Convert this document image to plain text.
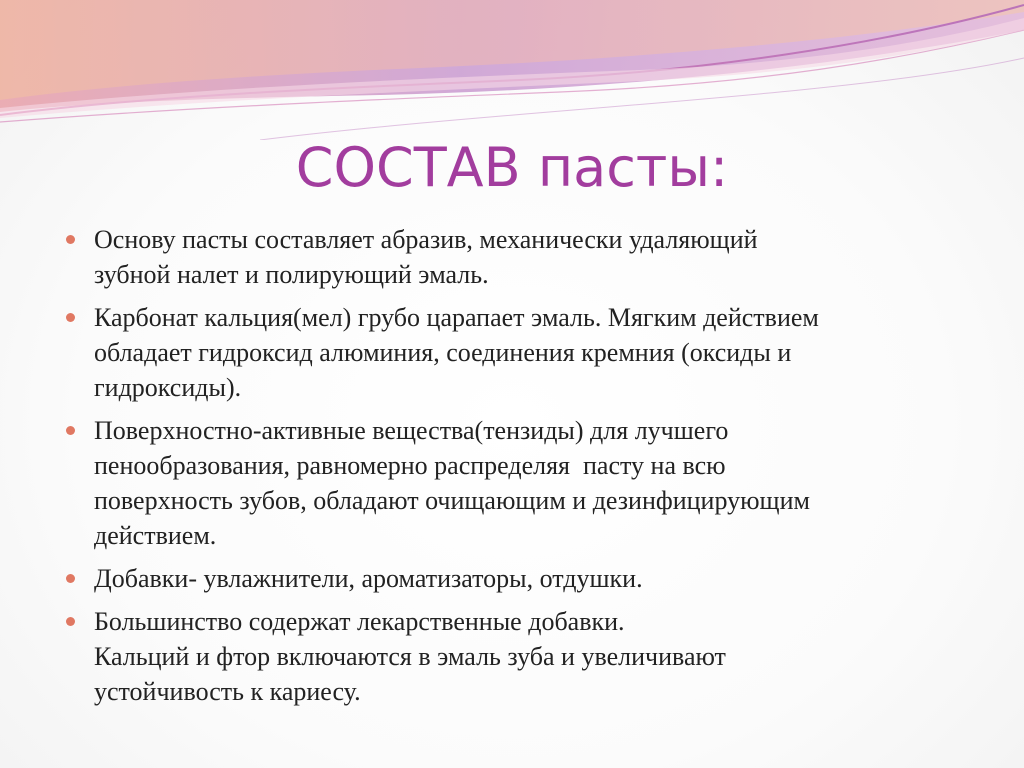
СОСТАВ пасты:
Основу пасты составляет абразив, механически удаляющий
зубной налет и полирующий эмаль.
Карбонат кальция(мел) грубо царапает эмаль. Мягким действием
обладает гидроксид алюминия, соединения кремния (оксиды и
гидроксиды).
Поверхностно-активные вещества(тензиды) для лучшего
пенообразования, равномерно распределяя  пасту на всю
поверхность зубов, обладают очищающим и дезинфицирующим
действием.
Добавки- увлажнители, ароматизаторы, отдушки.
Большинство содержат лекарственные добавки.
Кальций и фтор включаются в эмаль зуба и увеличивают
устойчивость к кариесу.
